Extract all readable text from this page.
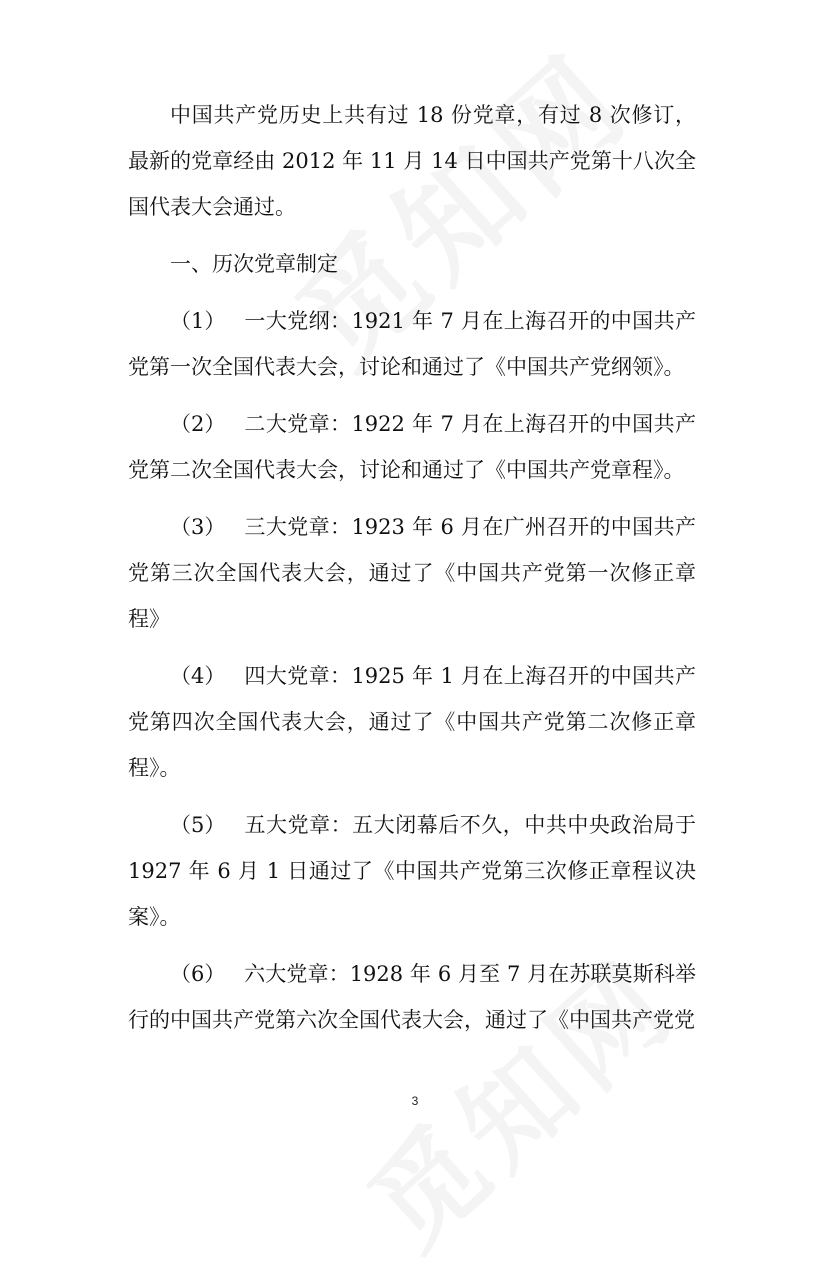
中国共产党历史上共有过 18 份党章，有过 8 次修订，最新的党章经由 2012 年 11 月 14 日中国共产党第十八次全国代表大会通过。

一、历次党章制定

（1） 一大党纲：1921 年 7 月在上海召开的中国共产党第一次全国代表大会，讨论和通过了《中国共产党纲领》。

（2） 二大党章：1922 年 7 月在上海召开的中国共产党第二次全国代表大会，讨论和通过了《中国共产党章程》。

（3） 三大党章：1923 年 6 月在广州召开的中国共产党第三次全国代表大会，通过了《中国共产党第一次修正章程》

（4） 四大党章：1925 年 1 月在上海召开的中国共产党第四次全国代表大会，通过了《中国共产党第二次修正章程》。

（5） 五大党章：五大闭幕后不久，中共中央政治局于 1927 年 6 月 1 日通过了《中国共产党第三次修正章程议决案》。

（6） 六大党章：1928 年 6 月至 7 月在苏联莫斯科举行的中国共产党第六次全国代表大会，通过了《中国共产党党

3
